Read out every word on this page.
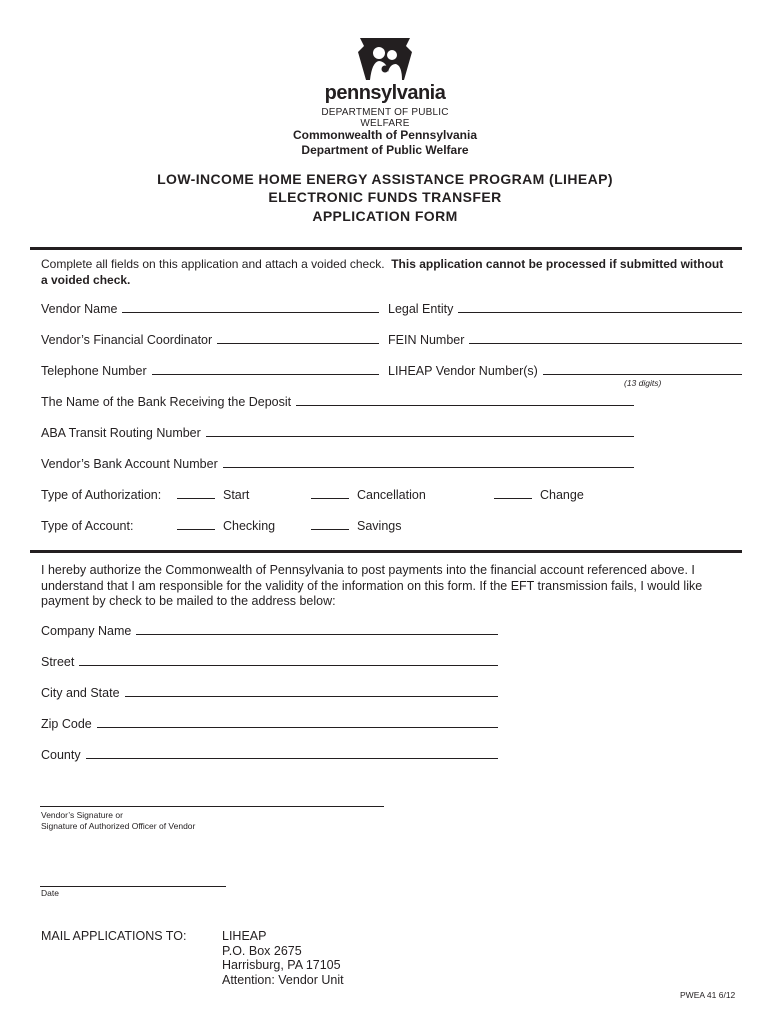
pennsylvania
DEPARTMENT OF PUBLIC WELFARE
Commonwealth of Pennsylvania
Department of Public Welfare
LOW-INCOME HOME ENERGY ASSISTANCE PROGRAM (LIHEAP)
ELECTRONIC FUNDS TRANSFER
APPLICATION FORM
Complete all fields on this application and attach a voided check. This application cannot be processed if submitted without a voided check.
Vendor Name	Legal Entity
Vendor’s Financial Coordinator	FEIN Number
Telephone Number	LIHEAP Vendor Number(s)
(13 digits)
The Name of the Bank Receiving the Deposit
ABA Transit Routing Number
Vendor’s Bank Account Number
Type of Authorization:	Start	Cancellation	Change
Type of Account:	Checking	Savings
I hereby authorize the Commonwealth of Pennsylvania to post payments into the financial account referenced above. I understand that I am responsible for the validity of the information on this form. If the EFT transmission fails, I would like payment by check to be mailed to the address below:
Company Name
Street
City and State
Zip Code
County
Vendor’s Signature or
Signature of Authorized Officer of Vendor
Date
MAIL APPLICATIONS TO:	LIHEAP
P.O. Box 2675
Harrisburg, PA 17105
Attention: Vendor Unit
PWEA 41 6/12
